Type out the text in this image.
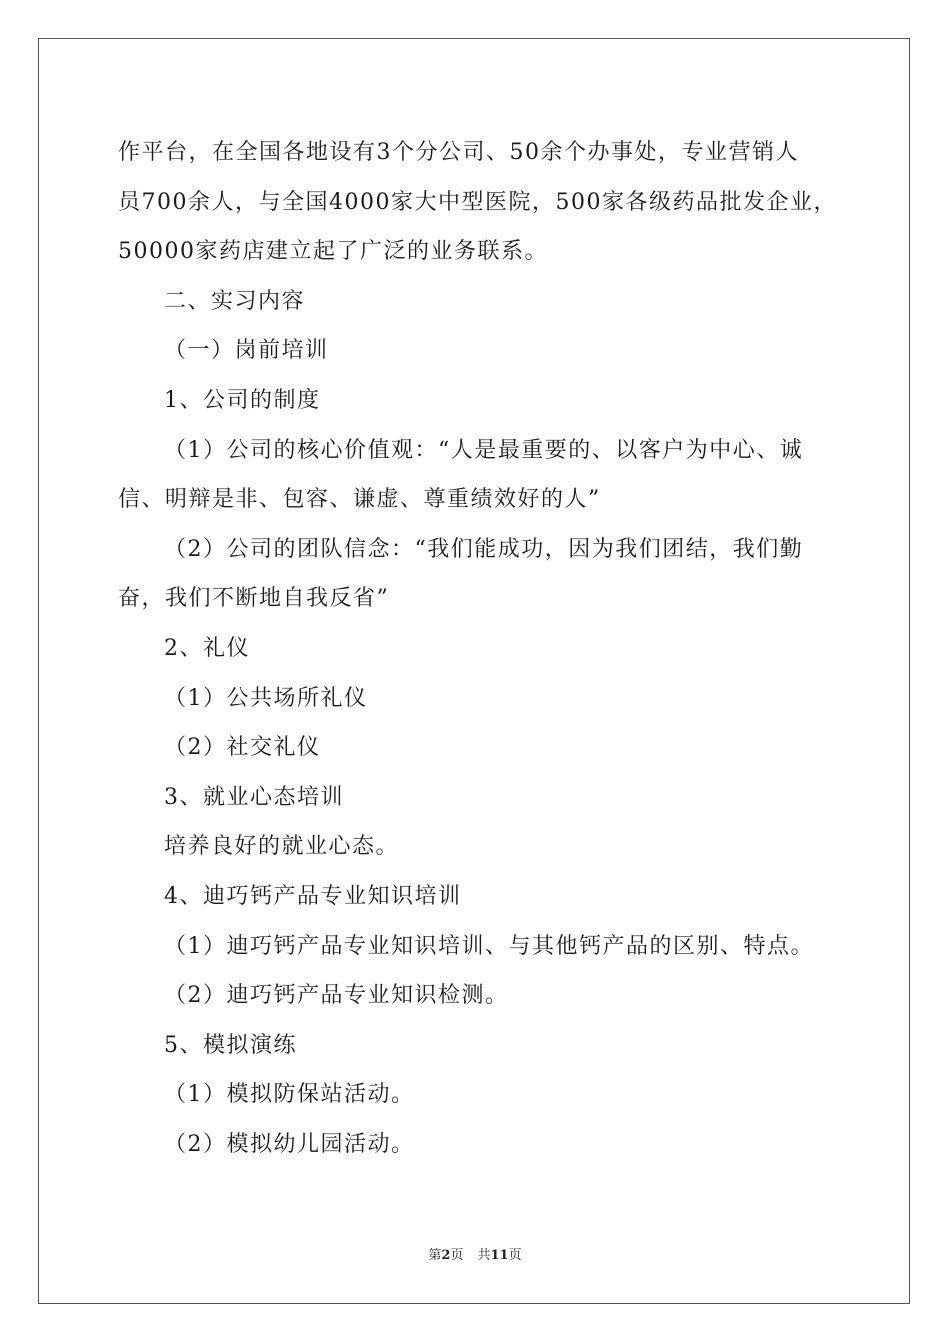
作平台，在全国各地设有3个分公司、50余个办事处，专业营销人
员700余人，与全国4000家大中型医院，500家各级药品批发企业，
50000家药店建立起了广泛的业务联系。
二、实习内容
（一）岗前培训
1、公司的制度
（1）公司的核心价值观：“人是最重要的、以客户为中心、诚
信、明辩是非、包容、谦虚、尊重绩效好的人”
（2）公司的团队信念：“我们能成功，因为我们团结，我们勤
奋，我们不断地自我反省”
2、礼仪
（1）公共场所礼仪
（2）社交礼仪
3、就业心态培训
培养良好的就业心态。
4、迪巧钙产品专业知识培训
（1）迪巧钙产品专业知识培训、与其他钙产品的区别、特点。
（2）迪巧钙产品专业知识检测。
5、模拟演练
（1）模拟防保站活动。
（2）模拟幼儿园活动。
第2页 共11页
